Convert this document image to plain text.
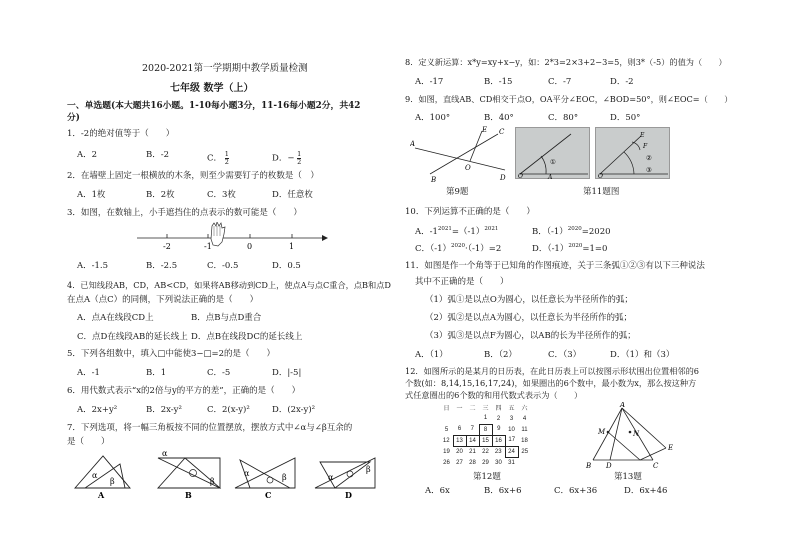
2020-2021第一学期期中教学质量检测
七年级 数学（上）
一、单选题(本大题共16小题。1-10每小题3分，11-16每小题2分，共42
分)
1．-2的绝对值等于（　　）
A．2	B．-2	C． $\frac{1}{2}$	D．− $\frac{1}{2}$
2．在墙壁上固定一根横放的木条，则至少需要钉子的枚数是（　）
A．1枚	B．2枚	C．3枚	D．任意枚
3．如图，在数轴上，小手遮挡住的点表示的数可能是（　　）
-2	-1	0	1
A．-1.5	B．-2.5	C．-0.5	D．0.5
4．已知线段AB，CD，AB<CD，如果将AB移动到CD上，使点A与点C重合，点B和点D
在点A（点C）的同侧，下列说法正确的是（　　）
A．点A在线段CD上	B．点B与点D重合
C．点D在线段AB的延长线上 D．点B在线段DC的延长线上
5．下列各组数中，填入□中能使3−□=2的是（　　）
A．-1	B．1	C．-5	D．|-5|
6．用代数式表示“x的2倍与y的平方的差”，正确的是（　　）
A．2x+y²	B．2x-y²	C．2(x-y)²	D．(2x-y)²
7．下列选项，将一幅三角板按不同的位置摆放，摆放方式中∠α与∠β互余的
是（　　）
α
β
A
α
β
B
α	β
C
α
β
D
8．定义新运算：x*y=xy+x−y，如：2*3=2×3+2−3=5，则3*（-5）的值为（　　）
A．-17	B．-15	C．-7	D．-2
9．如图，直线AB、CD相交于点O，OA平分∠EOC，∠BOD=50°，则∠EOC=（　　）
A．100°	B．40°	C．80°	D．50°
A
B
C
D
E
O
第9题
①
O	A
②
③
E
F
O
第11题图
10．下列运算不正确的是（　　）
A．$-1^{2021}=(-1)^{2021}$	B．$(-1)^{2020}=2020$
C．$(-1)^{2020}\cdot(-1)=2$	D．$(-1)^{2020}=1=0$
11．如图是作一个角等于已知角的作图痕迹，关于三条弧①②③有以下三种说法
其中不正确的是（　　）
（1）弧①是以点O为圆心，以任意长为半径所作的弧；
（2）弧②是以点A为圆心，以任意长为半径所作的弧；
（3）弧③是以点F为圆心，以AB的长为半径所作的弧；
A．（1）	B．（2）	C．（3）	D．（1）和（3）
12．如图所示的是某月的日历表，在此日历表上可以按图示形状围出位置相邻的6
个数(如：8,14,15,16,17,24)，如果圈出的6个数中，最小数为x，那么按这种方
式任意圈出的6个数的和用代数式表示为（　　）
日	一	二	三	四	五	六
			1	2	3	4
5	6	7	8	9	10	11
12	13	14	15	16	17	18
19	20	21	22	23	24	25
26	27	28	29	30	31	
第12题
A
B D	C
E
M	N
第13题
A．6x	B．6x+6	C．6x+36	D．6x+46
